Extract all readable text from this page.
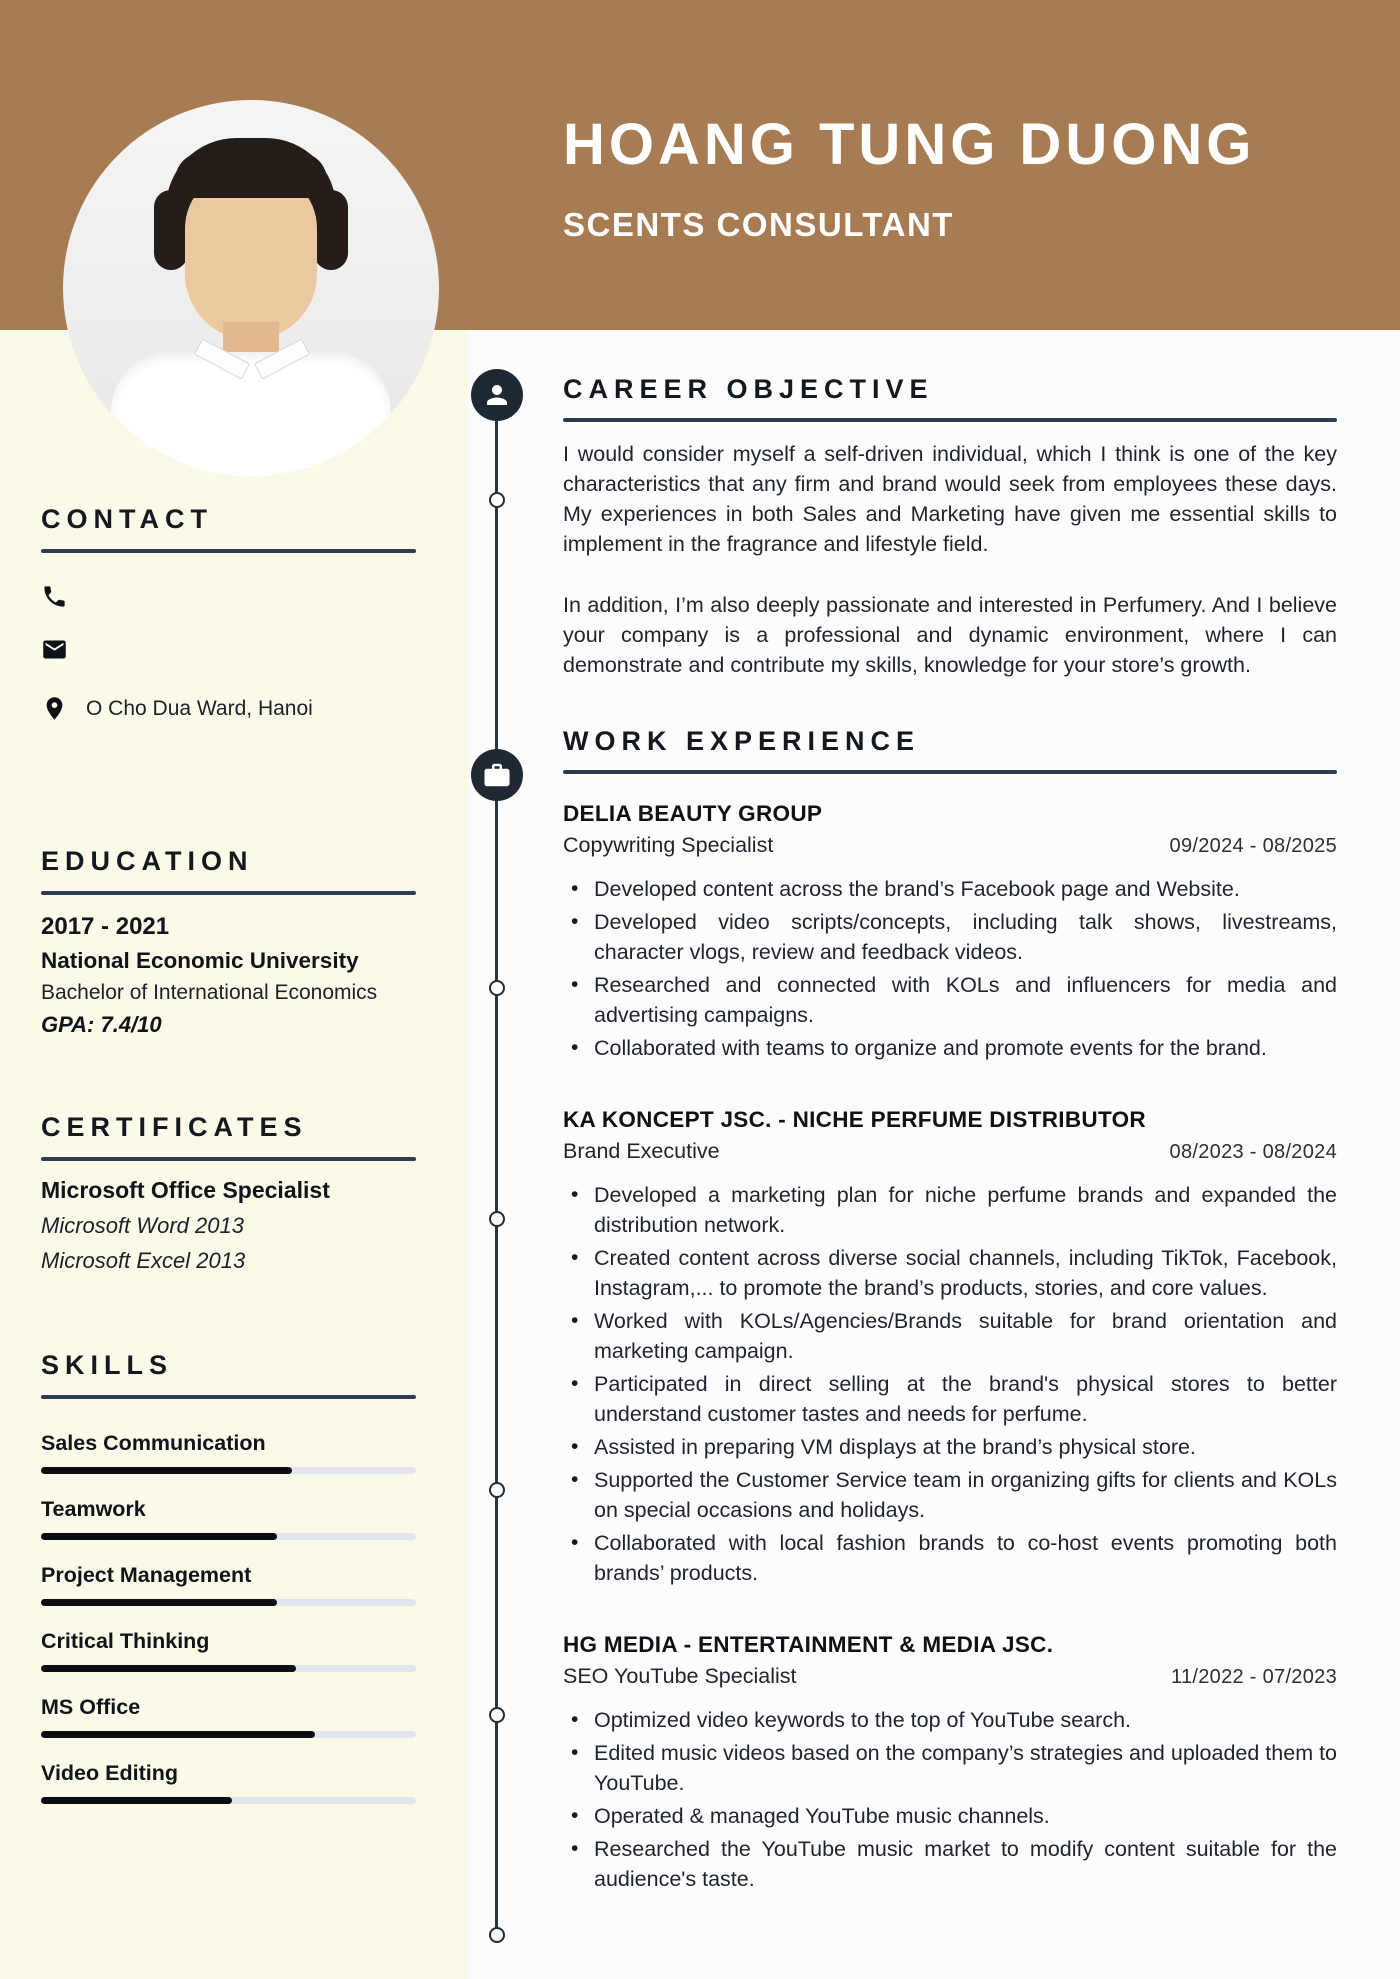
HOANG TUNG DUONG
SCENTS CONSULTANT
CONTACT
O Cho Dua Ward, Hanoi
EDUCATION
2017 - 2021
National Economic University
Bachelor of International Economics
GPA: 7.4/10
CERTIFICATES
Microsoft Office Specialist
Microsoft Word 2013
Microsoft Excel 2013
SKILLS
Sales Communication
Teamwork
Project Management
Critical Thinking
MS Office
Video Editing
CAREER OBJECTIVE

I would consider myself a self-driven individual, which I think is one of the key characteristics that any firm and brand would seek from employees these days. My experiences in both Sales and Marketing have given me essential skills to implement in the fragrance and lifestyle field.

In addition, I’m also deeply passionate and interested in Perfumery. And I believe your company is a professional and dynamic environment, where I can demonstrate and contribute my skills, knowledge for your store’s growth.

WORK EXPERIENCE
DELIA BEAUTY GROUP
Copywriting Specialist	09/2024 - 08/2025
• Developed content across the brand’s Facebook page and Website.
• Developed video scripts/concepts, including talk shows, livestreams, character vlogs, review and feedback videos.
• Researched and connected with KOLs and influencers for media and advertising campaigns.
• Collaborated with teams to organize and promote events for the brand.
KA KONCEPT JSC. - NICHE PERFUME DISTRIBUTOR
Brand Executive	08/2023 - 08/2024
• Developed a marketing plan for niche perfume brands and expanded the distribution network.
• Created content across diverse social channels, including TikTok, Facebook, Instagram,... to promote the brand’s products, stories, and core values.
• Worked with KOLs/Agencies/Brands suitable for brand orientation and marketing campaign.
• Participated in direct selling at the brand's physical stores to better understand customer tastes and needs for perfume.
• Assisted in preparing VM displays at the brand’s physical store.
• Supported the Customer Service team in organizing gifts for clients and KOLs on special occasions and holidays.
• Collaborated with local fashion brands to co-host events promoting both brands’ products.
HG MEDIA - ENTERTAINMENT & MEDIA JSC.
SEO YouTube Specialist	11/2022 - 07/2023
• Optimized video keywords to the top of YouTube search.
• Edited music videos based on the company’s strategies and uploaded them to YouTube.
• Operated & managed YouTube music channels.
• Researched the YouTube music market to modify content suitable for the audience's taste.
